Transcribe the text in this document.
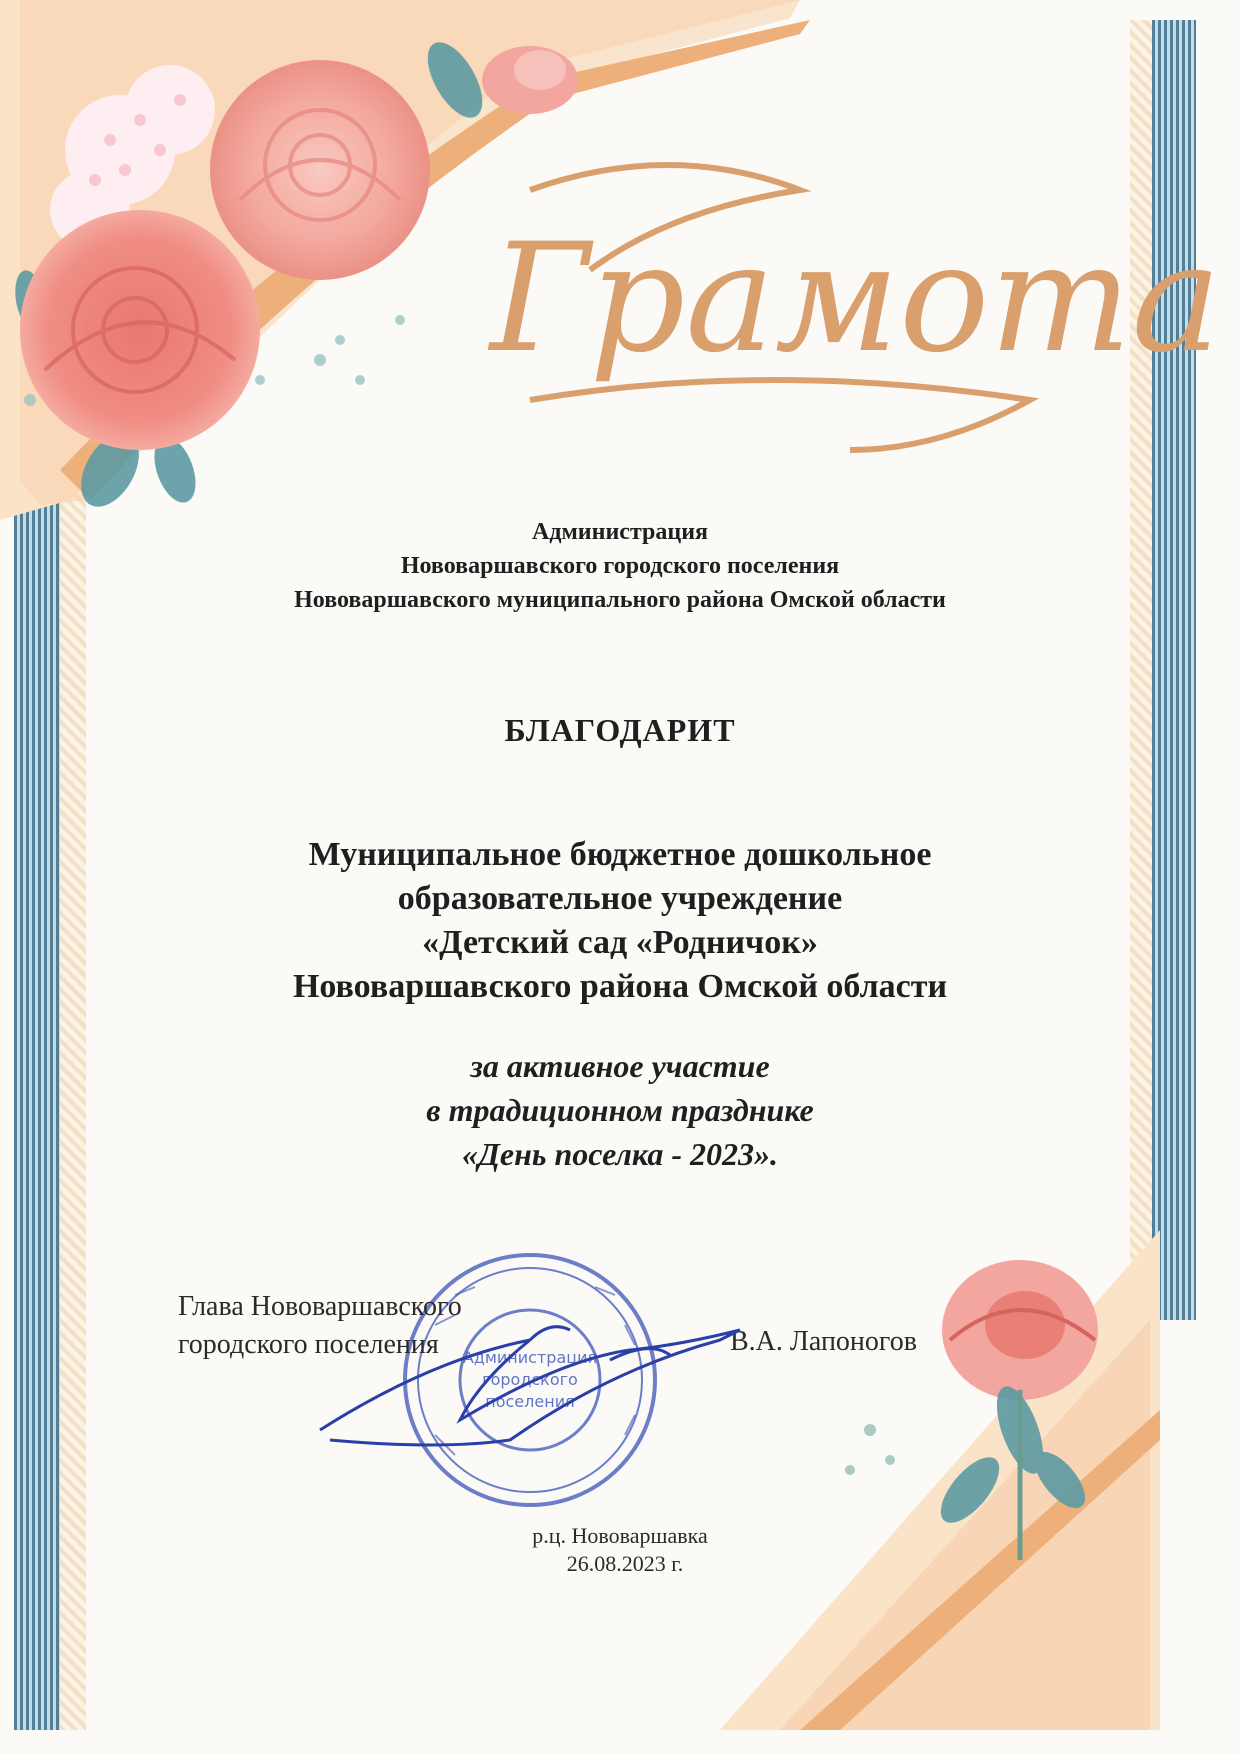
Грамота
Администрация
Нововаршавского городского поселения
Нововаршавского муниципального района Омской области
БЛАГОДАРИТ
Муниципальное бюджетное дошкольное
образовательное учреждение
«Детский сад «Родничок»
Нововаршавского района Омской области
за активное участие
в традиционном празднике
«День поселка - 2023».
Администрация
городского
поселения
Глава Нововаршавского
городского поселения	В.А. Лапоногов
р.ц. Нововаршавка
26.08.2023 г.
